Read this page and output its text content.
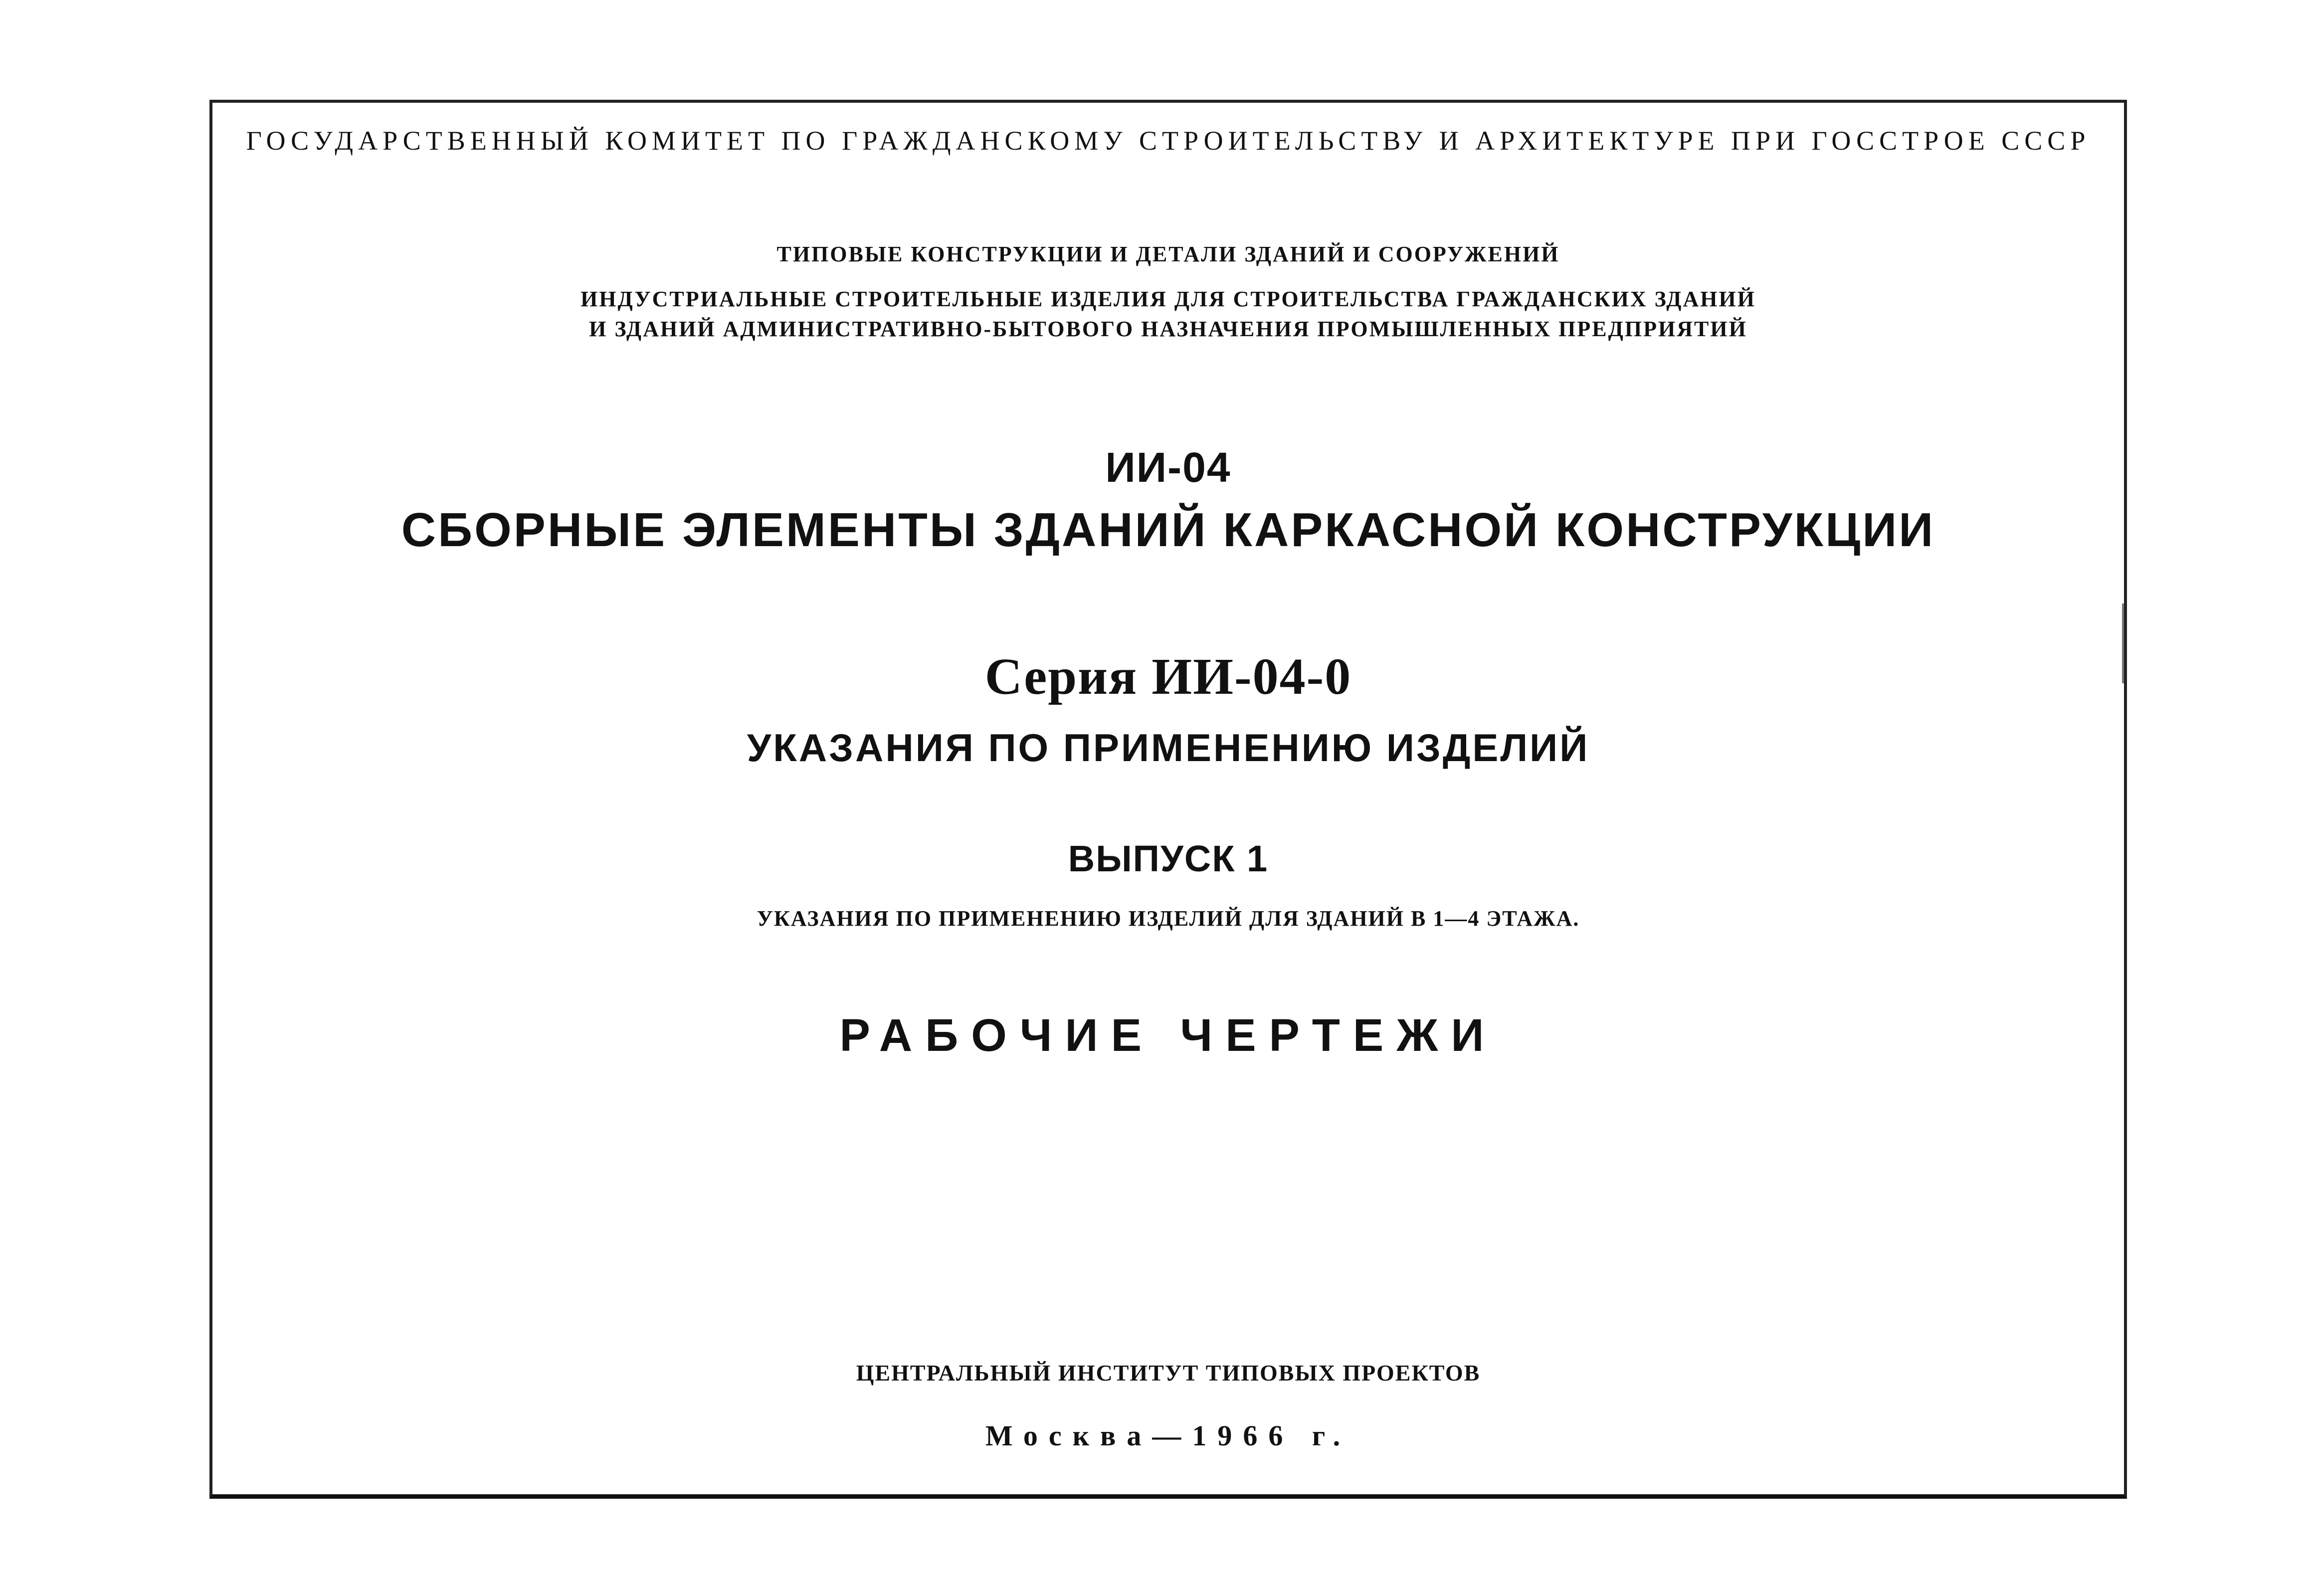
ГОСУДАРСТВЕННЫЙ КОМИТЕТ ПО ГРАЖДАНСКОМУ СТРОИТЕЛЬСТВУ И АРХИТЕКТУРЕ ПРИ ГОССТРОЕ СССР
ТИПОВЫЕ КОНСТРУКЦИИ И ДЕТАЛИ ЗДАНИЙ И СООРУЖЕНИЙ
ИНДУСТРИАЛЬНЫЕ СТРОИТЕЛЬНЫЕ ИЗДЕЛИЯ ДЛЯ СТРОИТЕЛЬСТВА ГРАЖДАНСКИХ ЗДАНИЙ
И ЗДАНИЙ АДМИНИСТРАТИВНО-БЫТОВОГО НАЗНАЧЕНИЯ ПРОМЫШЛЕННЫХ ПРЕДПРИЯТИЙ
ИИ-04
СБОРНЫЕ ЭЛЕМЕНТЫ ЗДАНИЙ КАРКАСНОЙ КОНСТРУКЦИИ
Серия ИИ-04-0
УКАЗАНИЯ ПО ПРИМЕНЕНИЮ ИЗДЕЛИЙ
ВЫПУСК 1
УКАЗАНИЯ ПО ПРИМЕНЕНИЮ ИЗДЕЛИЙ ДЛЯ ЗДАНИЙ В 1—4 ЭТАЖА.
РАБОЧИЕ ЧЕРТЕЖИ
ЦЕНТРАЛЬНЫЙ ИНСТИТУТ ТИПОВЫХ ПРОЕКТОВ
Москва—1966 г.
